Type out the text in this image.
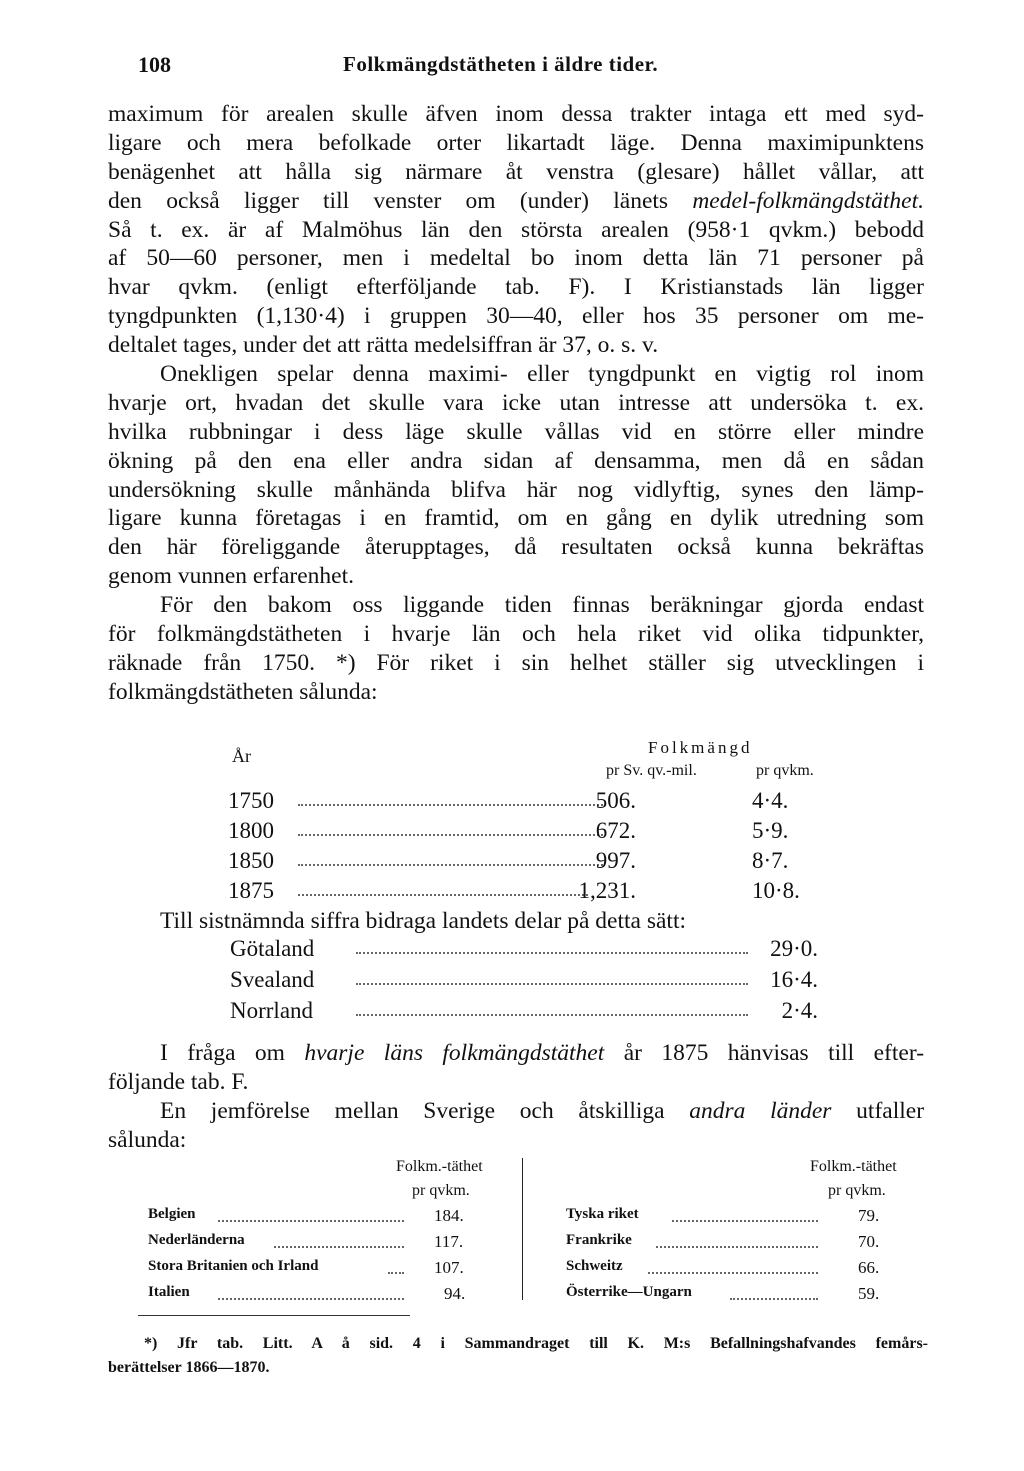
108	Folkmängdstätheten i äldre tider.
maximum för arealen skulle äfven inom dessa trakter intaga ett med syd-
ligare och mera befolkade orter likartadt läge. Denna maximipunktens
benägenhet att hålla sig närmare åt venstra (glesare) hållet vållar, att
den också ligger till venster om (under) länets medel-folkmängdstäthet.
Så t. ex. är af Malmöhus län den största arealen (958·1 qvkm.) bebodd
af 50—60 personer, men i medeltal bo inom detta län 71 personer på
hvar qvkm. (enligt efterföljande tab. F). I Kristianstads län ligger
tyngdpunkten (1,130·4) i gruppen 30—40, eller hos 35 personer om me-
deltalet tages, under det att rätta medelsiffran är 37, o. s. v.
Onekligen spelar denna maximi- eller tyngdpunkt en vigtig rol inom
hvarje ort, hvadan det skulle vara icke utan intresse att undersöka t. ex.
hvilka rubbningar i dess läge skulle vållas vid en större eller mindre
ökning på den ena eller andra sidan af densamma, men då en sådan
undersökning skulle månhända blifva här nog vidlyftig, synes den lämp-
ligare kunna företagas i en framtid, om en gång en dylik utredning som
den här föreliggande återupptages, då resultaten också kunna bekräftas
genom vunnen erfarenhet.
För den bakom oss liggande tiden finnas beräkningar gjorda endast
för folkmängdstätheten i hvarje län och hela riket vid olika tidpunkter,
räknade från 1750. *) För riket i sin helhet ställer sig utvecklingen i
folkmängdstätheten sålunda:
År	Folkmängd
pr Sv. qv.-mil.	pr qvkm.
1750	506.	4·4.
1800	672.	5·9.
1850	997.	8·7.
1875	1,231.	10·8.
Till sistnämnda siffra bidraga landets delar på detta sätt:
Götaland	29·0.
Svealand	16·4.
Norrland	2·4.
I fråga om hvarje läns folkmängdstäthet år 1875 hänvisas till efter-
följande tab. F.
En jemförelse mellan Sverige och åtskilliga andra länder utfaller
sålunda:
Folkm.-täthet
pr qvkm.
Belgien	184.
Nederländerna	117.
Stora Britanien och Irland	107.
Italien	94.
Folkm.-täthet
pr qvkm.
Tyska riket	79.
Frankrike	70.
Schweitz	66.
Österrike—Ungarn	59.
*) Jfr tab. Litt. A å sid. 4 i Sammandraget till K. M:s Befallningshafvandes femårs-
berättelser 1866—1870.
